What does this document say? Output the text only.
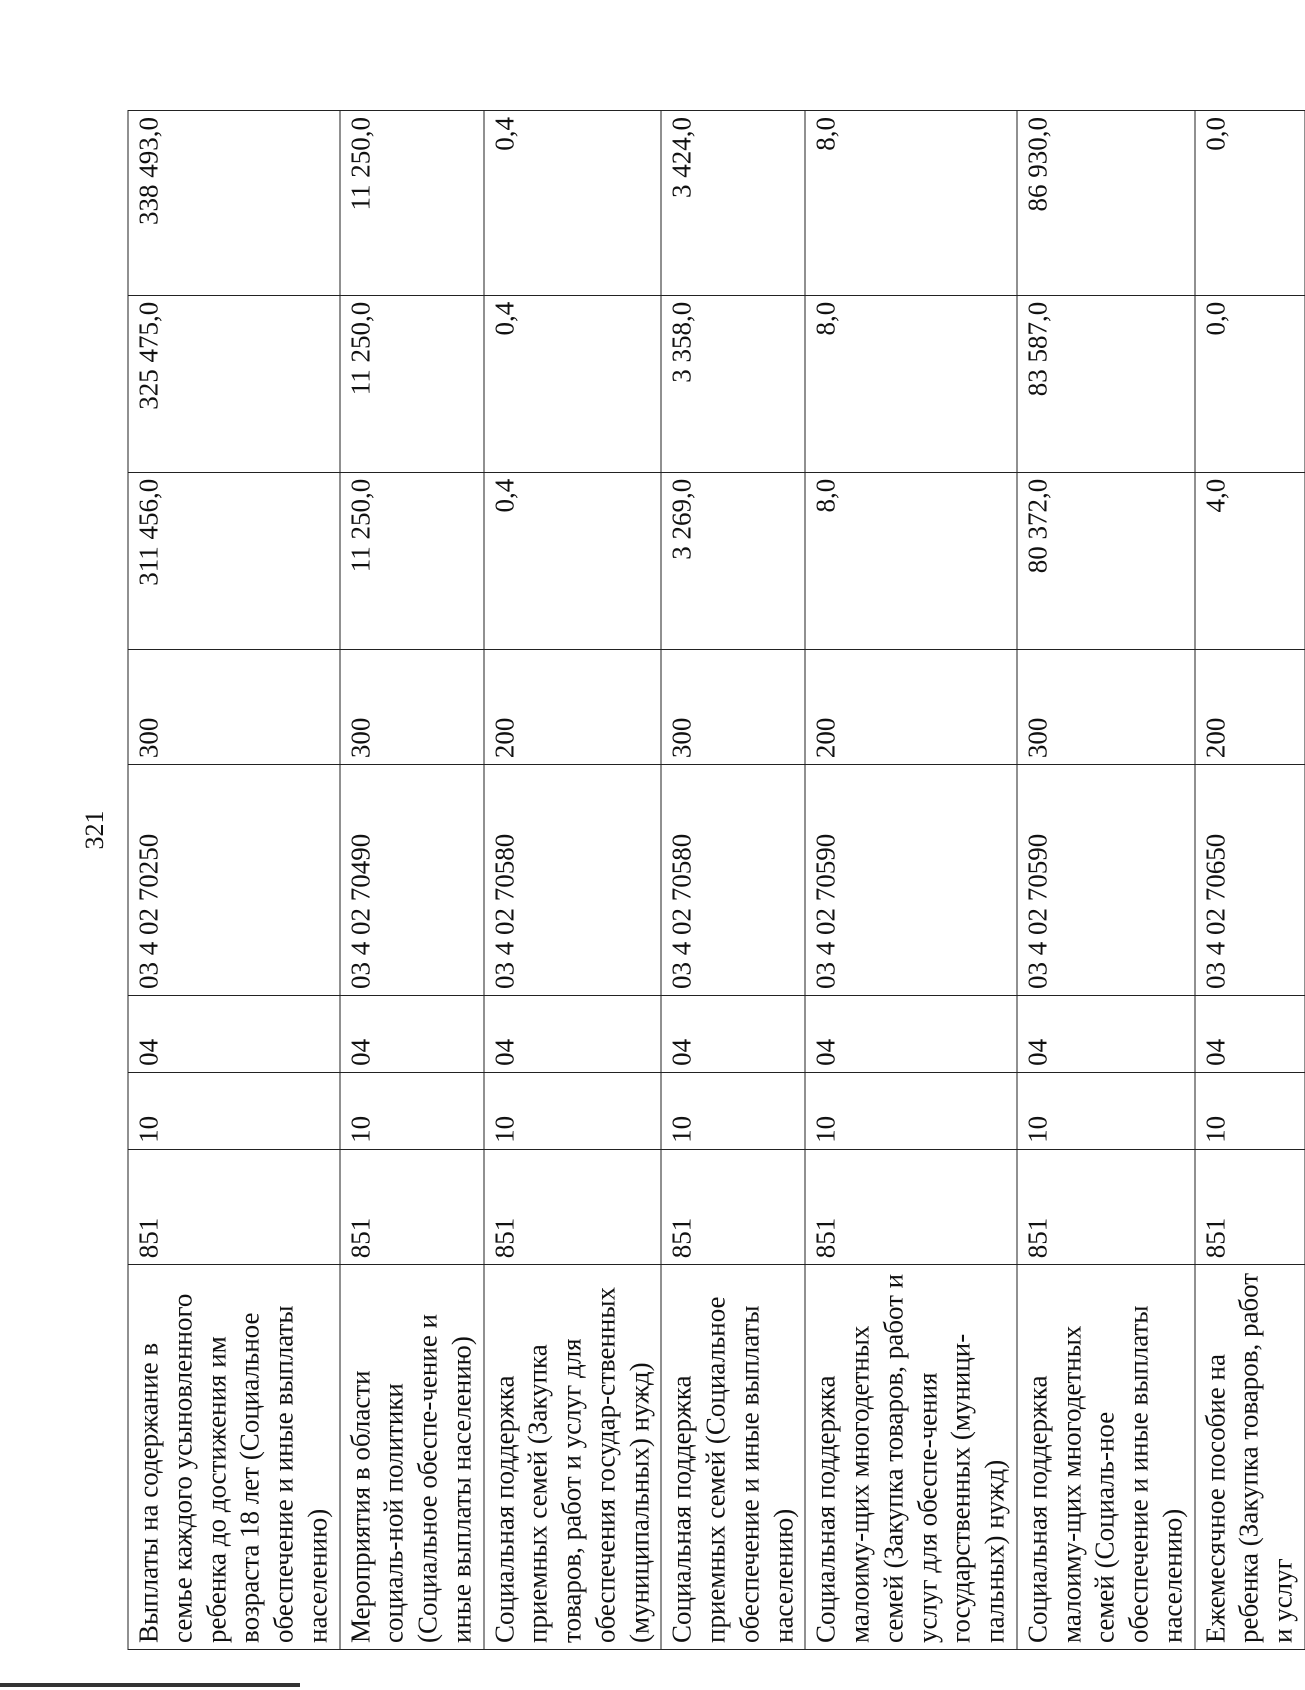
321
Выплаты на содержание в семье каждого усыновленного ребенка до достижения им возраста 18 лет (Социальное обеспечение и иные выплаты населению)	851	10	04	03 4 02 70250	300	311 456,0	325 475,0	338 493,0
Мероприятия в области социаль-ной политики (Социальное обеспе-чение и иные выплаты населению)	851	10	04	03 4 02 70490	300	11 250,0	11 250,0	11 250,0
Социальная поддержка приемных семей (Закупка товаров, работ и услуг для обеспечения государ-ственных (муниципальных) нужд)	851	10	04	03 4 02 70580	200	0,4	0,4	0,4
Социальная поддержка приемных семей (Социальное обеспечение и иные выплаты населению)	851	10	04	03 4 02 70580	300	3 269,0	3 358,0	3 424,0
Социальная поддержка малоиму-щих многодетных семей (Закупка товаров, работ и услуг для обеспе-чения государственных (муници-пальных) нужд)	851	10	04	03 4 02 70590	200	8,0	8,0	8,0
Социальная поддержка малоиму-щих многодетных семей (Социаль-ное обеспечение и иные выплаты населению)	851	10	04	03 4 02 70590	300	80 372,0	83 587,0	86 930,0
Ежемесячное пособие на ребенка (Закупка товаров, работ и услуг	851	10	04	03 4 02 70650	200	4,0	0,0	0,0
